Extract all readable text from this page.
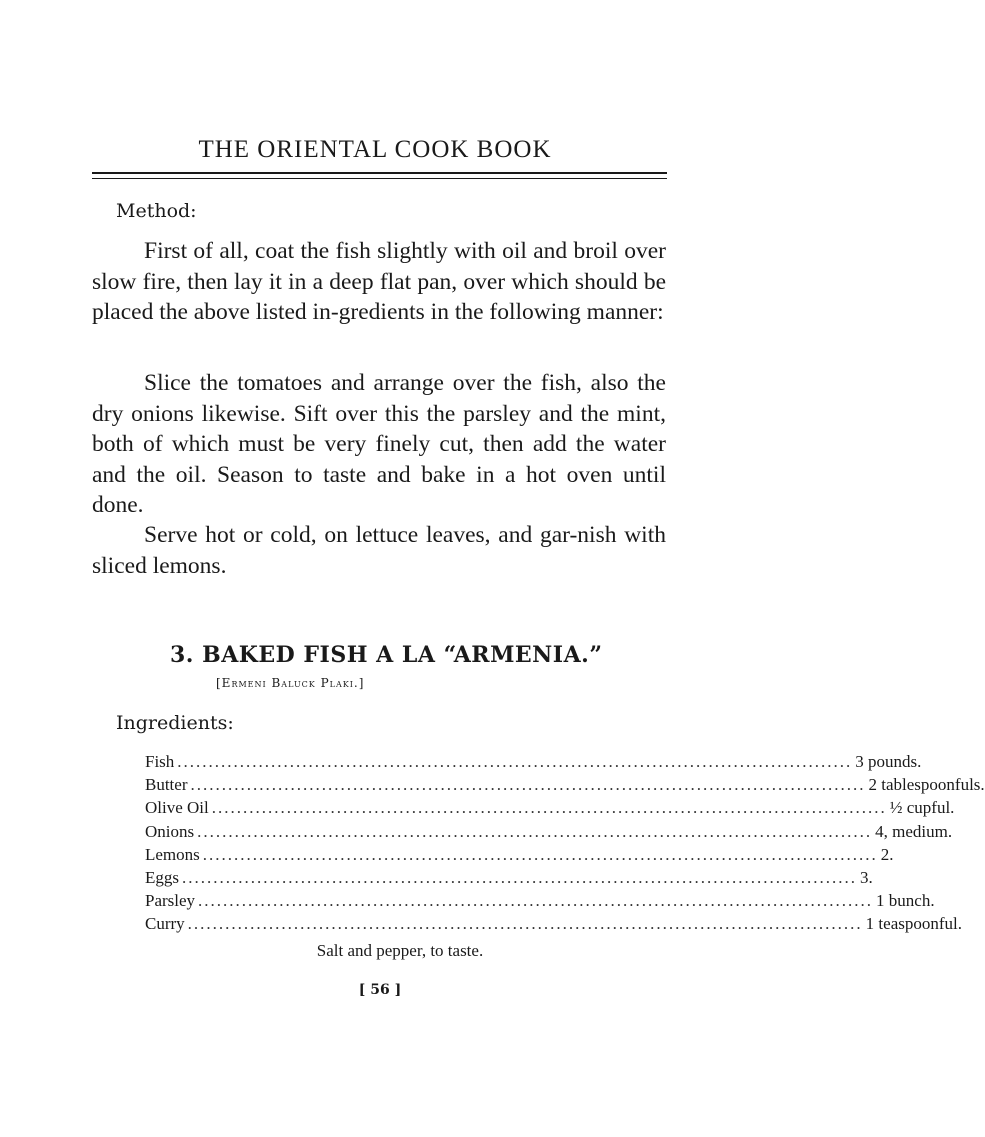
THE ORIENTAL COOK BOOK
Method:

First of all, coat the fish slightly with oil and broil over slow fire, then lay it in a deep flat pan, over which should be placed the above listed in-gredients in the following manner:

Slice the tomatoes and arrange over the fish, also the dry onions likewise. Sift over this the parsley and the mint, both of which must be very finely cut, then add the water and the oil. Season to taste and bake in a hot oven until done.

Serve hot or cold, on lettuce leaves, and gar-nish with sliced lemons.

3. BAKED FISH A LA “ARMENIA.”
[Ermeni Baluck Plaki.]
Ingredients:
Fish ............................................................................................................ 3 pounds.
Butter ............................................................................................................ 2 tablespoonfuls.
Olive Oil ............................................................................................................ ½ cupful.
Onions ............................................................................................................ 4, medium.
Lemons ............................................................................................................ 2.
Eggs ............................................................................................................ 3.
Parsley ............................................................................................................ 1 bunch.
Curry ............................................................................................................ 1 teaspoonful.
Salt and pepper, to taste.
[ 56 ]
